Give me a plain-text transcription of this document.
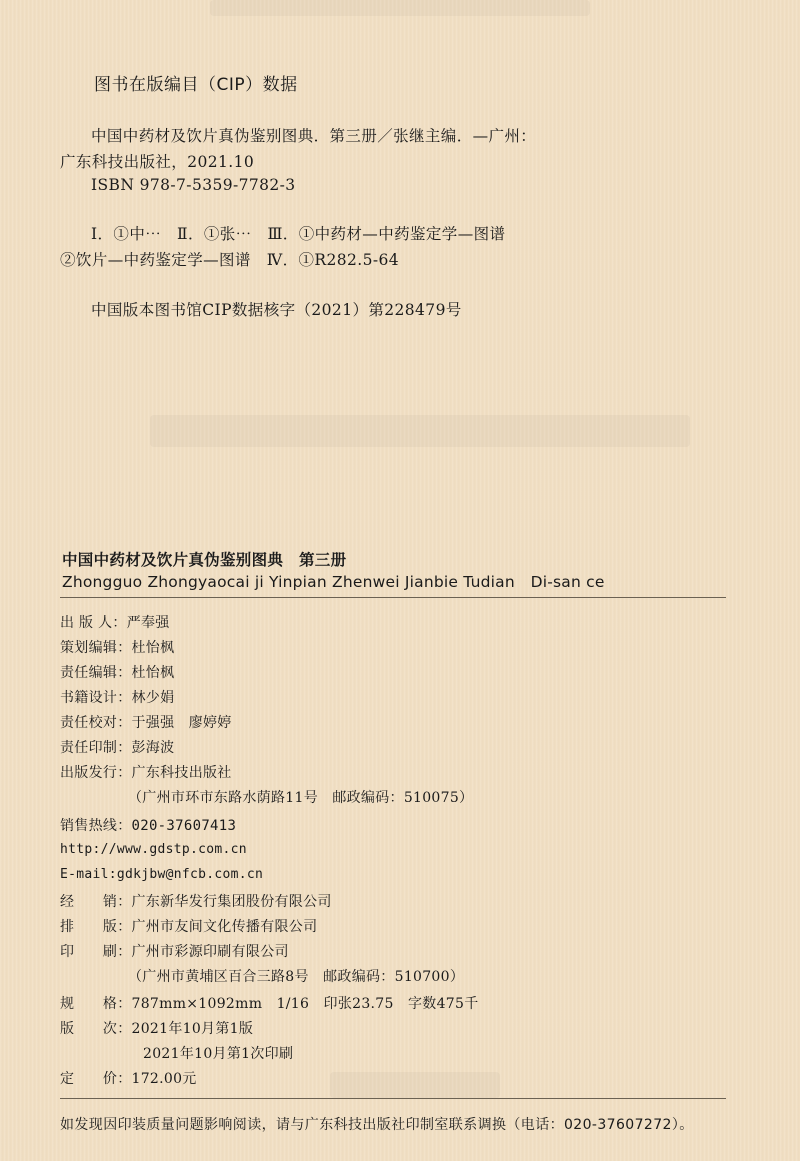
图书在版编目（CIP）数据
中国中药材及饮片真伪鉴别图典．第三册／张继主编．—广州：
广东科技出版社，2021.10
ISBN 978-7-5359-7782-3
Ⅰ．①中⋯　Ⅱ．①张⋯　Ⅲ．①中药材—中药鉴定学—图谱
②饮片—中药鉴定学—图谱　Ⅳ．①R282.5-64
中国版本图书馆CIP数据核字（2021）第228479号
中国中药材及饮片真伪鉴别图典　第三册
Zhongguo Zhongyaocai ji Yinpian Zhenwei Jianbie Tudian　Di-san ce
出 版 人：严奉强
策划编辑：杜怡枫
责任编辑：杜怡枫
书籍设计：林少娟
责任校对：于强强　廖婷婷
责任印制：彭海波
出版发行：广东科技出版社
（广州市环市东路水荫路11号　邮政编码：510075）
销售热线：020-37607413
http://www.gdstp.com.cn
E-mail:gdkjbw@nfcb.com.cn
经　　销：广东新华发行集团股份有限公司
排　　版：广州市友间文化传播有限公司
印　　刷：广州市彩源印刷有限公司
（广州市黄埔区百合三路8号　邮政编码：510700）
规　　格：787mm×1092mm　1/16　印张23.75　字数475千
版　　次：2021年10月第1版
2021年10月第1次印刷
定　　价：172.00元
如发现因印装质量问题影响阅读，请与广东科技出版社印制室联系调换（电话：020-37607272）。
